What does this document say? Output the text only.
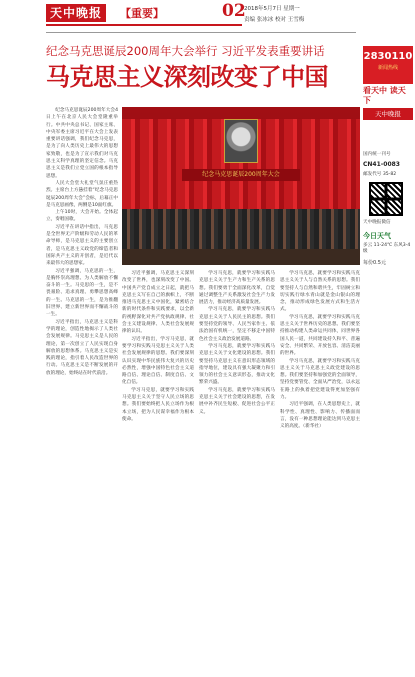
天中晚报	【重要】	02
2018年5月7日 星期一
责编 张冰冰 校对 王雪梅
纪念马克思诞辰200周年大会举行 习近平发表重要讲话
马克思主义深刻改变了中国
纪念马克思诞辰200周年大会

纪念马克思诞辰200周年大会4日上午在北京人民大会堂隆重举行。中共中央总书记、国家主席、中央军委主席习近平在大会上发表重要讲话强调，我们纪念马克思，是为了向人类历史上最伟大的思想家致敬，也是为了宣示我们对马克思主义科学真理的坚定信念。马克思主义是我们立党立国的根本指导思想。

人民大会堂大礼堂气氛庄重热烈。主席台上方悬挂着“纪念马克思诞辰200周年大会”会标，后幕正中是马克思画像，两侧是10面红旗。

上午10时，大会开始。全体起立，奏唱国歌。

习近平在讲话中指出，马克思是全世界无产阶级和劳动人民的革命导师，是马克思主义的主要创立者，是马克思主义政党的缔造者和国际共产主义的开创者，是近代以来最伟大的思想家。

习近平强调，马克思的一生，是胸怀崇高理想、为人类解放不懈奋斗的一生。马克思的一生，是不畏艰险、追求真理、勇攀思想高峰的一生。马克思的一生，是为推翻旧世界、建立新世界而不懈战斗的一生。

习近平指出，马克思主义是科学的理论，创造性地揭示了人类社会发展规律。马克思主义是人民的理论，第一次创立了人民实现自身解放的思想体系。马克思主义是实践的理论，指引着人民改造世界的行动。马克思主义是不断发展的开放的理论，始终站在时代前沿。

习近平强调，马克思主义深刻改变了世界，也深刻改变了中国。中国共产党自成立之日起，就把马克思主义写在自己的旗帜上，不断推进马克思主义中国化，紧密结合新的时代条件和实践要求，以全新的视野深化对共产党执政规律、社会主义建设规律、人类社会发展规律的认识。

习近平指出，学习马克思，就要学习和实践马克思主义关于人类社会发展规律的思想。我们要深刻认识实现中华民族伟大复兴的历史必然性，增强中国特色社会主义道路自信、理论自信、制度自信、文化自信。

学习马克思，就要学习和实践马克思主义关于坚守人民立场的思想。我们要始终把人民立场作为根本立场，把为人民谋幸福作为根本使命。

学习马克思，就要学习和实践马克思主义关于生产力和生产关系的思想。我们要勇于全面深化改革，自觉通过调整生产关系激发社会生产力发展活力，推动经济高质量发展。

学习马克思，就要学习和实践马克思主义关于人民民主的思想。我们要坚持党的领导、人民当家作主、依法治国有机统一，坚定不移走中国特色社会主义政治发展道路。

学习马克思，就要学习和实践马克思主义关于文化建设的思想。我们要坚持马克思主义在意识形态领域的指导地位，建设具有强大凝聚力和引领力的社会主义意识形态，推动文化繁荣兴盛。

学习马克思，就要学习和实践马克思主义关于社会建设的思想，在发展中补齐民生短板、促进社会公平正义。

学习马克思，就要学习和实践马克思主义关于人与自然关系的思想。我们要坚持人与自然和谐共生，牢固树立和切实践行绿水青山就是金山银山的理念，推动形成绿色发展方式和生活方式。

学习马克思，就要学习和实践马克思主义关于世界历史的思想。我们要坚持推动构建人类命运共同体，同世界各国人民一道，共同建设持久和平、普遍安全、共同繁荣、开放包容、清洁美丽的世界。

学习马克思，就要学习和实践马克思主义关于马克思主义政党建设的思想。我们要坚持和加强党的全面领导，坚持党要管党、全面从严治党，以永远在路上的执着把党建设得更加坚强有力。

习近平强调，在人类思想史上，就科学性、真理性、影响力、传播面而言，没有一种思想理论能达到马克思主义的高度。（新华社）

2830110
新闻热线
看天中 读天下
天中晚报
国内统一刊号
CN41-0083
邮发代号 35-82
天中晚报微信
今日天气
多云 11-24℃ 东风3-4级
每份0.5元
